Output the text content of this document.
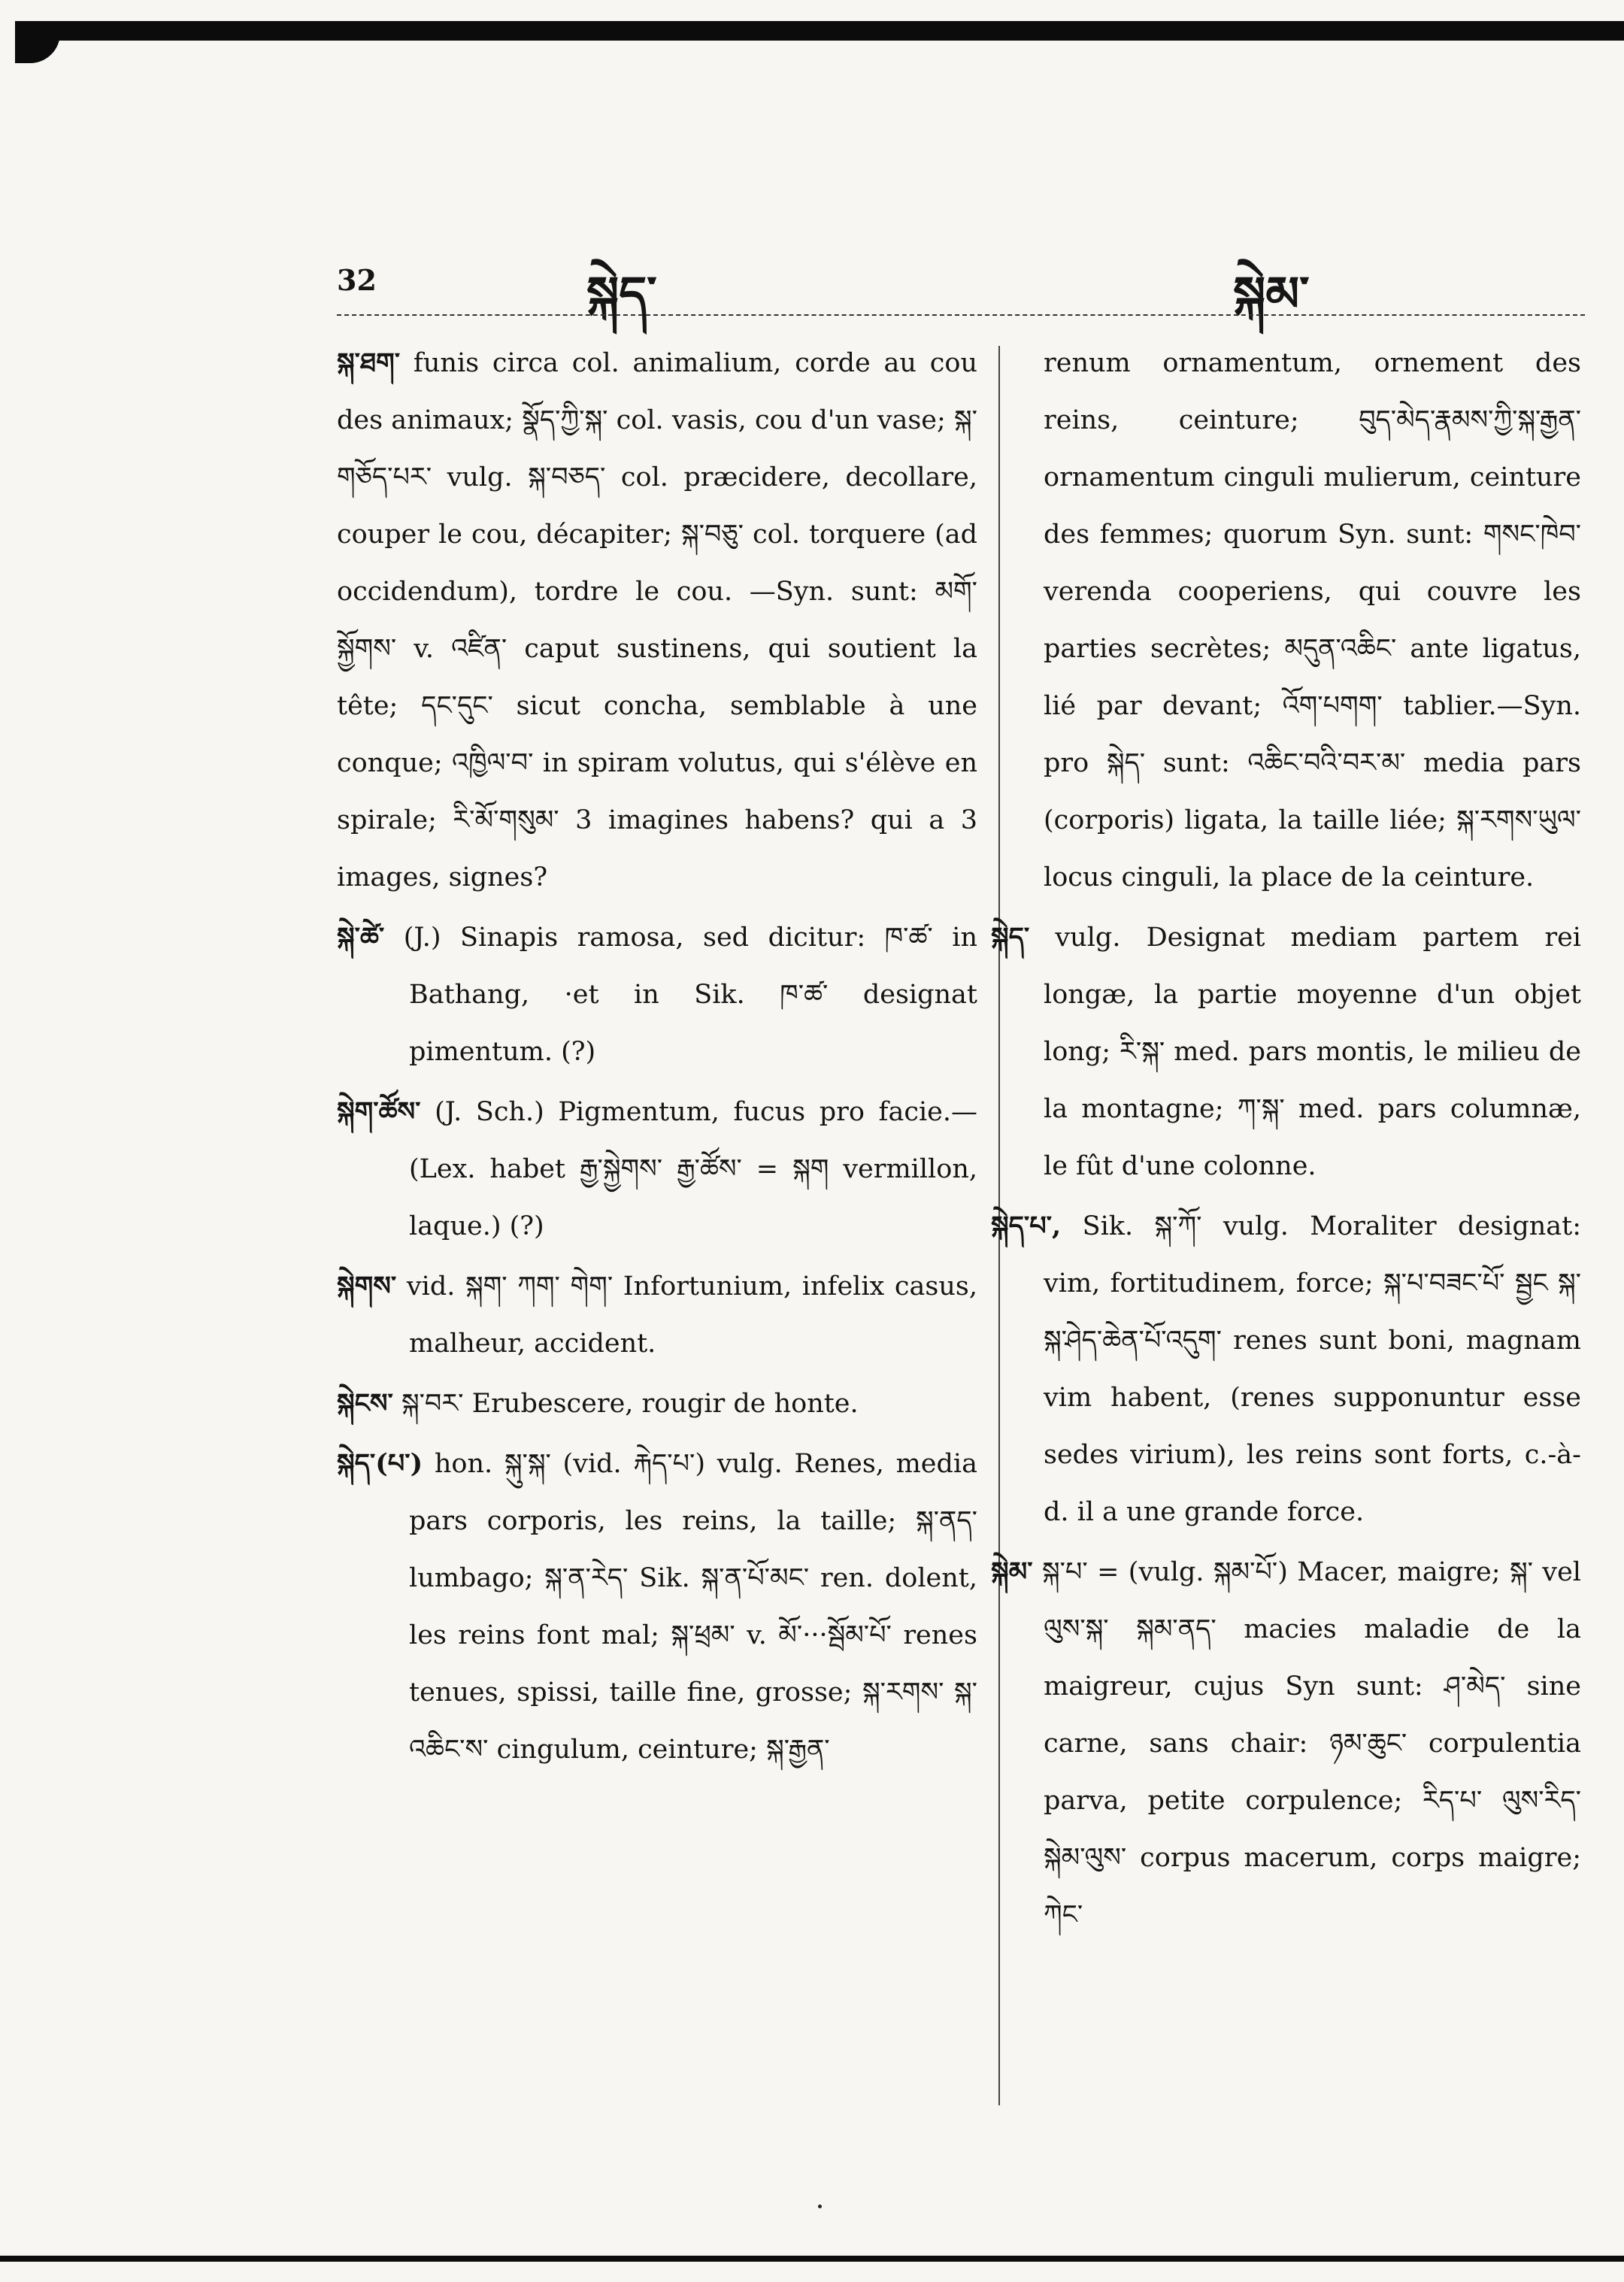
32	སྐེད་	སྐེམ་

སྐ་ཐག་ funis circa col. animalium, corde au cou des animaux; སྣོད་ཀྱི་སྐ་ col. vasis, cou d'un vase; སྐ་གཅོད་པར་ vulg. སྐ་བཅད་ col. præcidere, decollare, couper le cou, décapiter; སྐ་བཅུ་ col. torquere (ad occidendum), tordre le cou. —Syn. sunt: མགོ་སྐྱོགས་ v. འཛིན་ caput sustinens, qui soutient la tête; དང་དུང་ sicut concha, semblable à une conque; འཁྱིལ་བ་ in spiram volutus, qui s'élève en spirale; རི་མོ་གསུམ་ 3 imagines habens? qui a 3 images, signes?

སྐེ་ཚེ་ (J.) Sinapis ramosa, sed dicitur: ཁ་ཚ་ in Bathang, ·et in Sik. ཁ་ཚ་ designat pimentum. (?)

སྐེག་ཚོས་ (J. Sch.) Pigmentum, fucus pro facie.—(Lex. habet རྒྱ་སྐྱེགས་ རྒྱ་ཚོས་ = སྐག vermillon, laque.) (?)

སྐེགས་ vid. སྐག་ ཀག་ གེག་ Infortunium, infelix casus, malheur, accident.

སྐེངས་ སྐ་བར་ Erubescere, rougir de honte.

སྐེད་(པ་) hon. སྐུ་སྐ་ (vid. རྐེད་པ་) vulg. Renes, media pars corporis, les reins, la taille; སྐ་ནད་ lumbago; སྐ་ན་རེད་ Sik. སྐ་ན་པོ་མང་ ren. dolent, les reins font mal; སྐ་ཕྲམ་ v. མོ་···སྦོམ་པོ་ renes tenues, spissi, taille fine, grosse; སྐ་རགས་ སྐ་འཆིང་ས་ cingulum, ceinture; སྐ་རྒྱན་

renum ornamentum, ornement des reins, ceinture; བུད་མེད་རྣམས་ཀྱི་སྐ་རྒྱན་ ornamentum cinguli mulierum, ceinture des femmes; quorum Syn. sunt: གསང་ཁེབ་ verenda cooperiens, qui couvre les parties secrètes; མདུན་འཆིང་ ante ligatus, lié par devant; འོག་པགག་ tablier.—Syn. pro སྐེད་ sunt: འཆིང་བའི་བར་མ་ media pars (corporis) ligata, la taille liée; སྐ་རགས་ཡུལ་ locus cinguli, la place de la ceinture.

སྐེད་ vulg. Designat mediam partem rei longæ, la partie moyenne d'un objet long; རི་སྐ་ med. pars montis, le milieu de la montagne; ཀ་སྐ་ med. pars columnæ, le fût d'une colonne.

སྐེད་པ་, Sik. སྐ་ཀོ་ vulg. Moraliter designat: vim, fortitudinem, force; སྐ་པ་བཟང་པོ་ སྦྱང སྐ་སྐ་ཤེད་ཆེན་པོ་འདུག་ renes sunt boni, magnam vim habent, (renes supponuntur esse sedes virium), les reins sont forts, c.-à-d. il a une grande force.

སྐེམ་ སྐ་པ་ = (vulg. སྐམ་པོ་) Macer, maigre; སྐ་ vel ལུས་སྐ་ སྐམ་ནད་ macies maladie de la maigreur, cujus Syn sunt: ཤ་མེད་ sine carne, sans chair: ཉམ་ཆུང་ corpulentia parva, petite corpulence; རིད་པ་ ལུས་རིད་ སྐེམ་ལུས་ corpus macerum, corps maigre; ཀེང་
